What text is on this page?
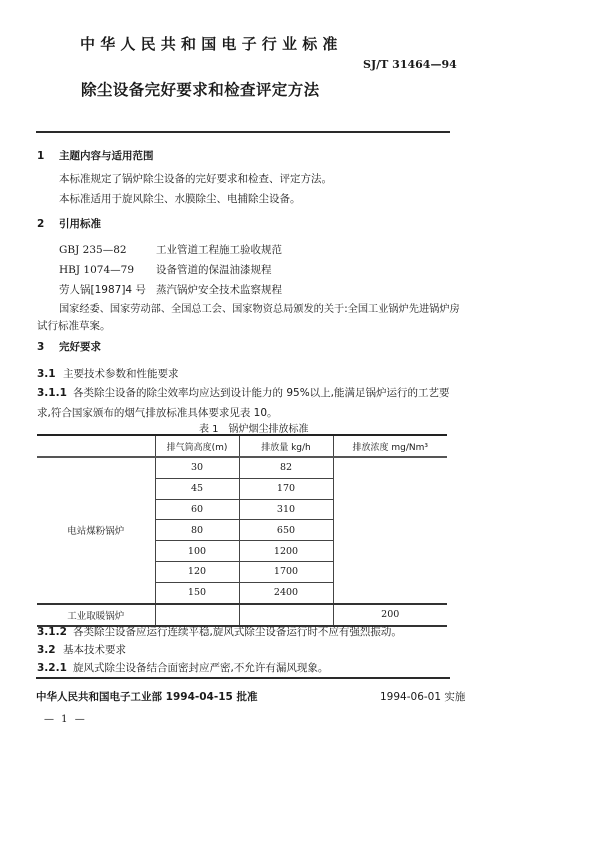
中华人民共和国电子行业标准
SJ/T 31464—94
除尘设备完好要求和检查评定方法
1 主题内容与适用范围
本标准规定了锅炉除尘设备的完好要求和检查、评定方法。
本标准适用于旋风除尘、水膜除尘、电捕除尘设备。
2 引用标准
GBJ 235—82	工业管道工程施工验收规范
HBJ 1074—79 设备管道的保温油漆规程
劳人锅[1987]4 号 蒸汽锅炉安全技术监察规程
国家经委、国家劳动部、全国总工会、国家物资总局颁发的关于:全国工业锅炉先进锅炉房
试行标准草案。
3 完好要求
3.1 主要技术参数和性能要求
3.1.1 各类除尘设备的除尘效率均应达到设计能力的 95%以上,能满足锅炉运行的工艺要
求,符合国家颁布的烟气排放标准具体要求见表 10。
表 1　锅炉烟尘排放标准
	排气筒高度(m)	排放量 kg/h	排放浓度 mg/Nm³
电站煤粉锅炉	30	82	
	45	170	
	60	310	
	80	650	
	100	1200	
	120	1700	
	150	2400	
工业取暖锅炉			200
3.1.2 各类除尘设备应运行连续平稳,旋风式除尘设备运行时不应有强烈振动。
3.2 基本技术要求
3.2.1 旋风式除尘设备结合面密封应严密,不允许有漏风现象。
中华人民共和国电子工业部 1994-04-15 批准	1994-06-01 实施
— 1 —
